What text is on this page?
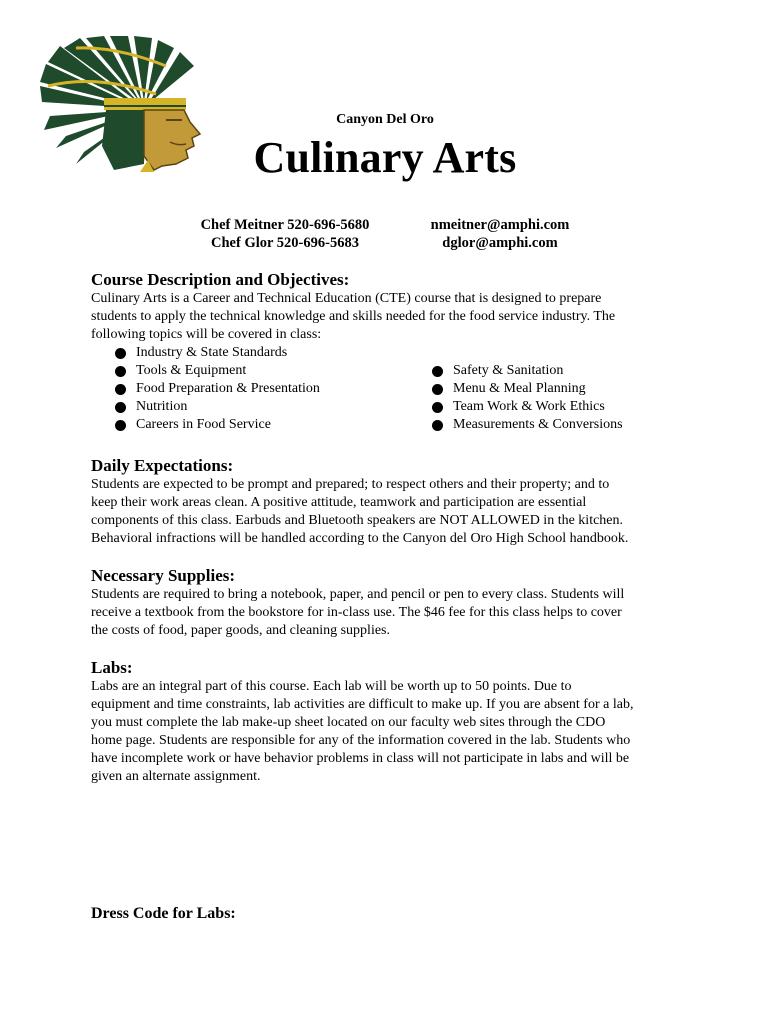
Canyon Del Oro
Culinary Arts
Chef Meitner 520-696-5680
Chef Glor 520-696-5683
nmeitner@amphi.com
dglor@amphi.com
Course Description and Objectives:
Culinary Arts is a Career and Technical Education (CTE) course that is designed to prepare
students to apply the technical knowledge and skills needed for the food service industry. The
following topics will be covered in class:
Industry & State Standards
Tools & Equipment
Food Preparation & Presentation
Nutrition
Careers in Food Service
Safety & Sanitation
Menu & Meal Planning
Team Work & Work Ethics
Measurements & Conversions
Daily Expectations:
Students are expected to be prompt and prepared; to respect others and their property; and to
keep their work areas clean. A positive attitude, teamwork and participation are essential
components of this class. Earbuds and Bluetooth speakers are NOT ALLOWED in the kitchen.
Behavioral infractions will be handled according to the Canyon del Oro High School handbook.
Necessary Supplies:
Students are required to bring a notebook, paper, and pencil or pen to every class. Students will
receive a textbook from the bookstore for in-class use. The $46 fee for this class helps to cover
the costs of food, paper goods, and cleaning supplies.
Labs:
Labs are an integral part of this course. Each lab will be worth up to 50 points. Due to
equipment and time constraints, lab activities are difficult to make up. If you are absent for a lab,
you must complete the lab make-up sheet located on our faculty web sites through the CDO
home page. Students are responsible for any of the information covered in the lab. Students who
have incomplete work or have behavior problems in class will not participate in labs and will be
given an alternate assignment.
Dress Code for Labs:
